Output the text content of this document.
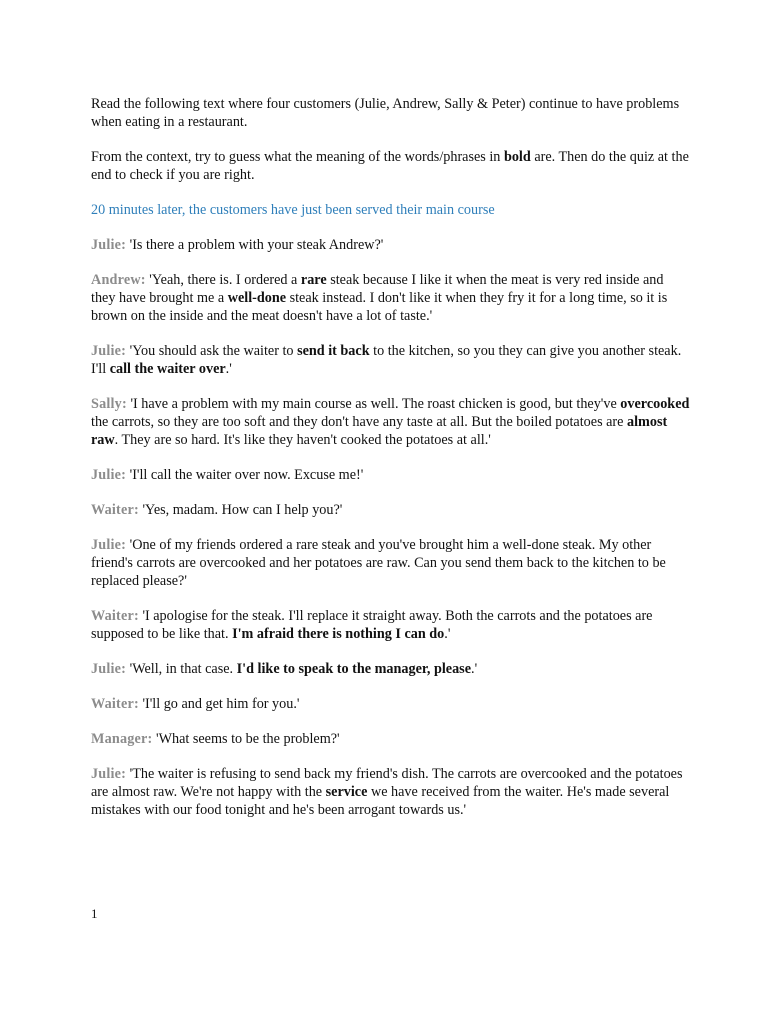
Read the following text where four customers (Julie, Andrew, Sally & Peter) continue to have problems when eating in a restaurant.

From the context, try to guess what the meaning of the words/phrases in bold are. Then do the quiz at the end to check if you are right.

20 minutes later, the customers have just been served their main course

Julie: 'Is there a problem with your steak Andrew?'

Andrew: 'Yeah, there is. I ordered a rare steak because I like it when the meat is very red inside and they have brought me a well-done steak instead. I don't like it when they fry it for a long time, so it is brown on the inside and the meat doesn't have a lot of taste.'

Julie: 'You should ask the waiter to send it back to the kitchen, so you they can give you another steak. I'll call the waiter over.'

Sally: 'I have a problem with my main course as well. The roast chicken is good, but they've overcooked the carrots, so they are too soft and they don't have any taste at all. But the boiled potatoes are almost raw. They are so hard. It's like they haven't cooked the potatoes at all.'

Julie: 'I'll call the waiter over now. Excuse me!'

Waiter: 'Yes, madam. How can I help you?'

Julie: 'One of my friends ordered a rare steak and you've brought him a well-done steak. My other friend's carrots are overcooked and her potatoes are raw. Can you send them back to the kitchen to be replaced please?'

Waiter: 'I apologise for the steak. I'll replace it straight away. Both the carrots and the potatoes are supposed to be like that. I'm afraid there is nothing I can do.'

Julie: 'Well, in that case. I'd like to speak to the manager, please.'

Waiter: 'I'll go and get him for you.'

Manager: 'What seems to be the problem?'

Julie: 'The waiter is refusing to send back my friend's dish. The carrots are overcooked and the potatoes are almost raw. We're not happy with the service we have received from the waiter. He's made several mistakes with our food tonight and he's been arrogant towards us.'

1
